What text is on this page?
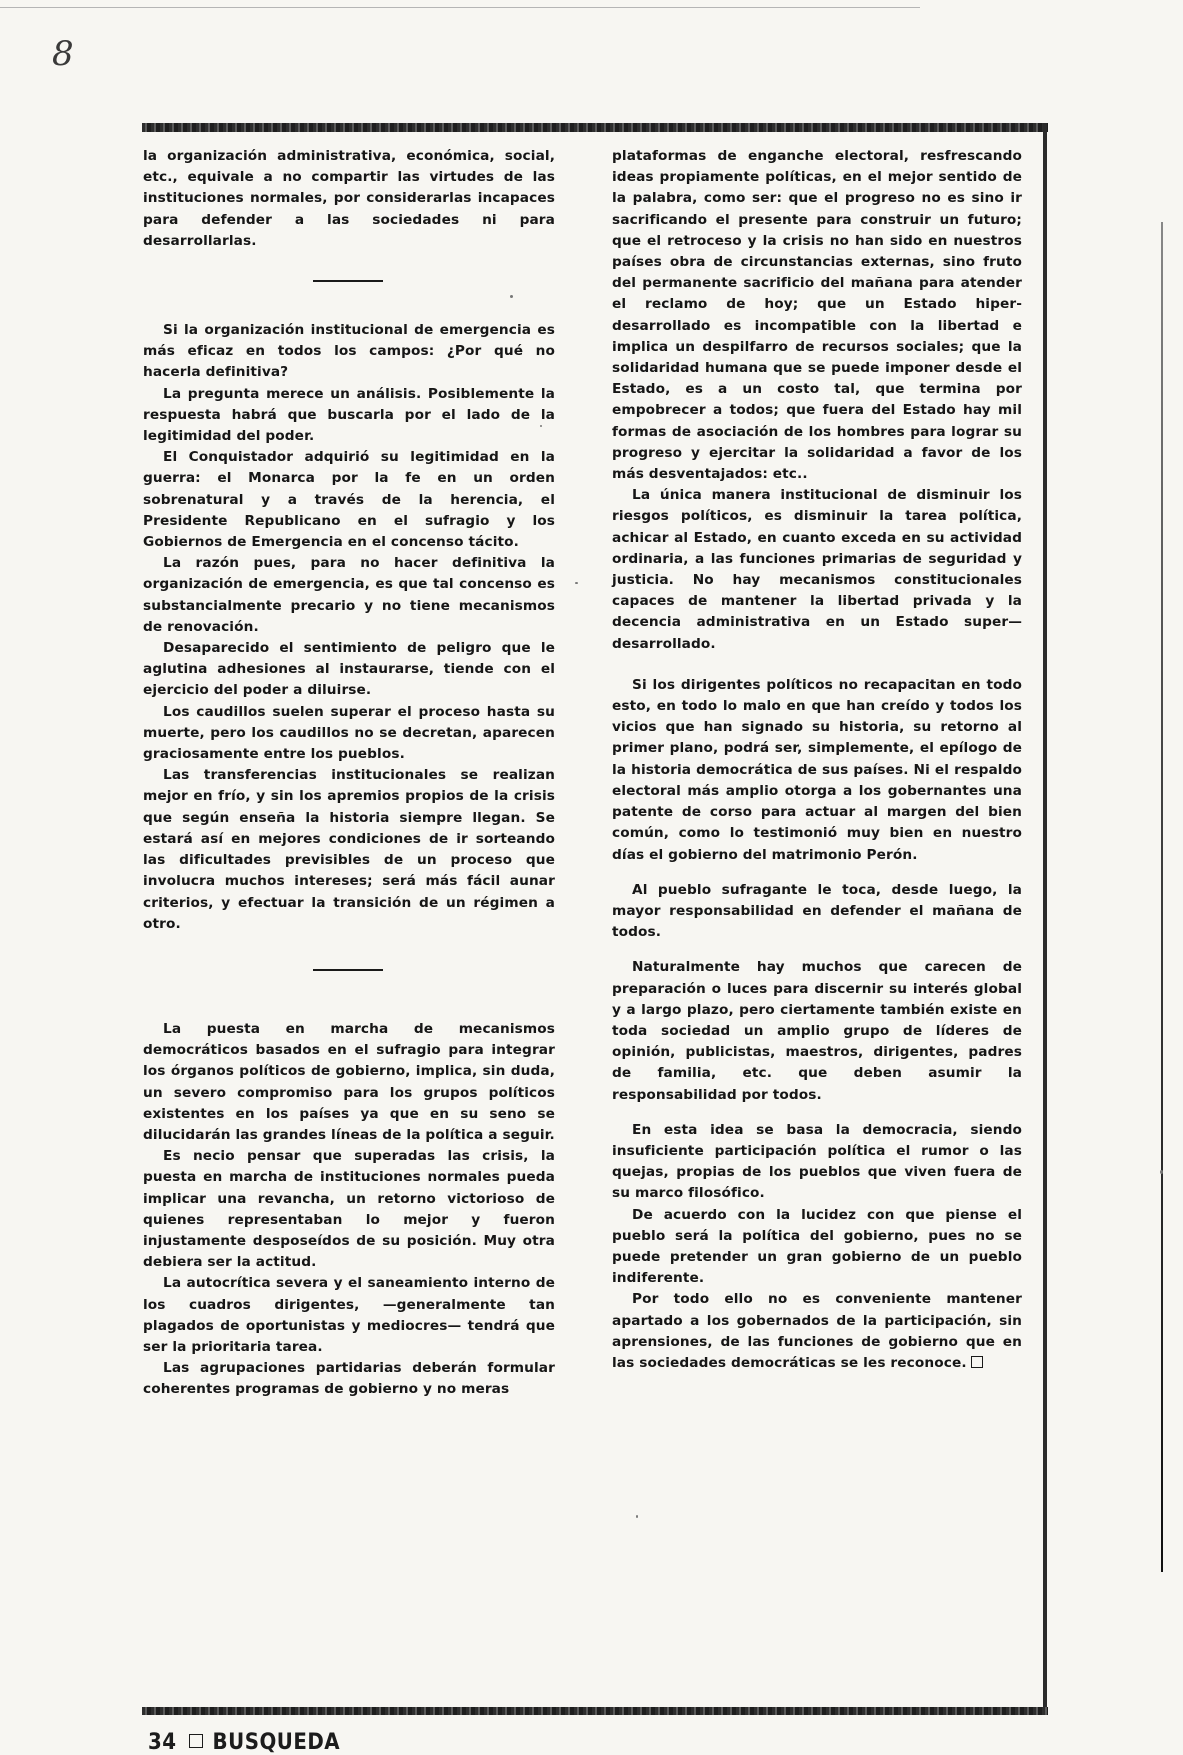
8

la organización administrativa, económica, social, etc., equivale a no compartir las virtudes de las instituciones normales, por considerarlas incapaces para defender a las sociedades ni para desarrollarlas.

Si la organización institucional de emergencia es más eficaz en todos los campos: ¿Por qué no hacerla definitiva?

La pregunta merece un análisis. Posiblemente la respuesta habrá que buscarla por el lado de la legitimidad del poder.

El Conquistador adquirió su legitimidad en la guerra: el Monarca por la fe en un orden sobrenatural y a través de la herencia, el Presidente Republicano en el sufragio y los Gobiernos de Emergencia en el concenso tácito.

La razón pues, para no hacer definitiva la organización de emergencia, es que tal concenso es substancialmente precario y no tiene mecanismos de renovación.

Desaparecido el sentimiento de peligro que le aglutina adhesiones al instaurarse, tiende con el ejercicio del poder a diluirse.

Los caudillos suelen superar el proceso hasta su muerte, pero los caudillos no se decretan, aparecen graciosamente entre los pueblos.

Las transferencias institucionales se realizan mejor en frío, y sin los apremios propios de la crisis que según enseña la historia siempre llegan. Se estará así en mejores condiciones de ir sorteando las dificultades previsibles de un proceso que involucra muchos intereses; será más fácil aunar criterios, y efectuar la transición de un régimen a otro.

La puesta en marcha de mecanismos democráticos basados en el sufragio para integrar los órganos políticos de gobierno, implica, sin duda, un severo compromiso para los grupos políticos existentes en los países ya que en su seno se dilucidarán las grandes líneas de la política a seguir.

Es necio pensar que superadas las crisis, la puesta en marcha de instituciones normales pueda implicar una revancha, un retorno victorioso de quienes representaban lo mejor y fueron injustamente desposeídos de su posición. Muy otra debiera ser la actitud.

La autocrítica severa y el saneamiento interno de los cuadros dirigentes, —generalmente tan plagados de oportunistas y mediocres— tendrá que ser la prioritaria tarea.

Las agrupaciones partidarias deberán formular coherentes programas de gobierno y no meras

plataformas de enganche electoral, resfrescando ideas propiamente políticas, en el mejor sentido de la palabra, como ser: que el progreso no es sino ir sacrificando el presente para construir un futuro; que el retroceso y la crisis no han sido en nuestros países obra de circunstancias externas, sino fruto del permanente sacrificio del mañana para atender el reclamo de hoy; que un Estado hiper-desarrollado es incompatible con la libertad e implica un despilfarro de recursos sociales; que la solidaridad humana que se puede imponer desde el Estado, es a un costo tal, que termina por empobrecer a todos; que fuera del Estado hay mil formas de asociación de los hombres para lograr su progreso y ejercitar la solidaridad a favor de los más desventajados: etc..

La única manera institucional de disminuir los riesgos políticos, es disminuir la tarea política, achicar al Estado, en cuanto exceda en su actividad ordinaria, a las funciones primarias de seguridad y justicia. No hay mecanismos constitucionales capaces de mantener la libertad privada y la decencia administrativa en un Estado super—desarrollado.

Si los dirigentes políticos no recapacitan en todo esto, en todo lo malo en que han creído y todos los vicios que han signado su historia, su retorno al primer plano, podrá ser, simplemente, el epílogo de la historia democrática de sus países. Ni el respaldo electoral más amplio otorga a los gobernantes una patente de corso para actuar al margen del bien común, como lo testimonió muy bien en nuestro días el gobierno del matrimonio Perón.

Al pueblo sufragante le toca, desde luego, la mayor responsabilidad en defender el mañana de todos.

Naturalmente hay muchos que carecen de preparación o luces para discernir su interés global y a largo plazo, pero ciertamente también existe en toda sociedad un amplio grupo de líderes de opinión, publicistas, maestros, dirigentes, padres de familia, etc. que deben asumir la responsabilidad por todos.

En esta idea se basa la democracia, siendo insuficiente participación política el rumor o las quejas, propias de los pueblos que viven fuera de su marco filosófico.

De acuerdo con la lucidez con que piense el pueblo será la política del gobierno, pues no se puede pretender un gran gobierno de un pueblo indiferente.

Por todo ello no es conveniente mantener apartado a los gobernados de la participación, sin aprensiones, de las funciones de gobierno que en las sociedades democráticas se les reconoce.

34 BUSQUEDA
